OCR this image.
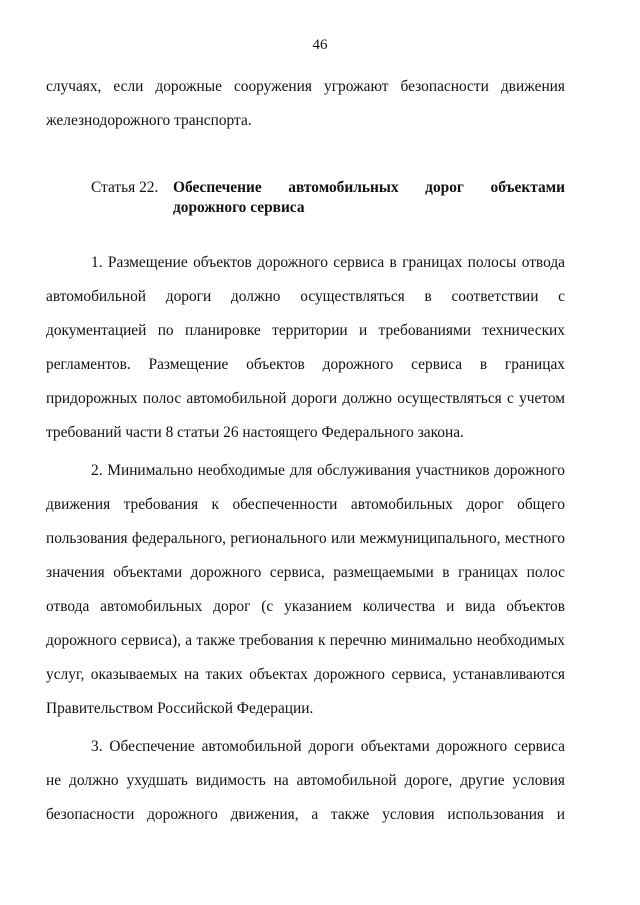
46

случаях, если дорожные сооружения угрожают безопасности движения

железнодорожного транспорта.

Статья 22. Обеспечение автомобильных дорог объектами
дорожного сервиса

1. Размещение объектов дорожного сервиса в границах полосы отвода автомобильной дороги должно осуществляться в соответствии с документацией по планировке территории и требованиями технических регламентов. Размещение объектов дорожного сервиса в границах придорожных полос автомобильной дороги должно осуществляться с учетом требований части 8 статьи 26 настоящего Федерального закона.

2. Минимально необходимые для обслуживания участников дорожного движения требования к обеспеченности автомобильных дорог общего пользования федерального, регионального или межмуниципального, местного значения объектами дорожного сервиса, размещаемыми в границах полос отвода автомобильных дорог (с указанием количества и вида объектов дорожного сервиса), а также требования к перечню минимально необходимых услуг, оказываемых на таких объектах дорожного сервиса, устанавливаются Правительством Российской Федерации.

3. Обеспечение автомобильной дороги объектами дорожного сервиса не должно ухудшать видимость на автомобильной дороге, другие условия безопасности дорожного движения, а также условия использования и
